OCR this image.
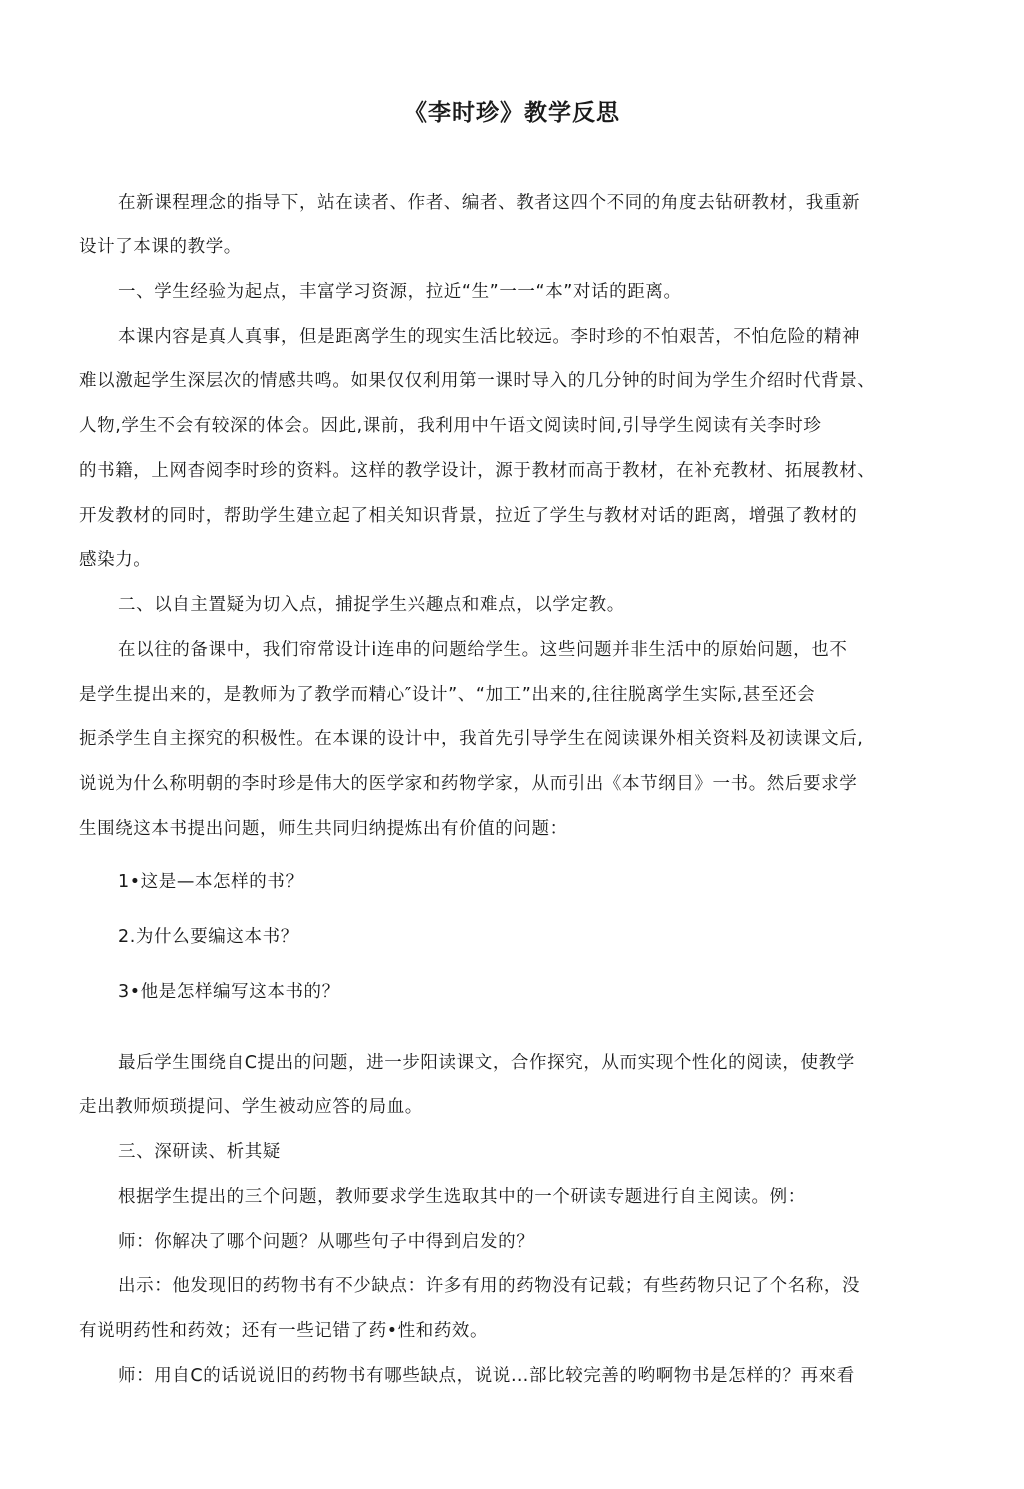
《李时珍》教学反思
在新课程理念的指导下，站在读者、作者、编者、教者这四个不同的角度去钻研教材，我重新
设计了本课的教学。
一、学生经验为起点，丰富学习资源，拉近“生”一一“本”对话的距离。
本课内容是真人真事，但是距离学生的现实生活比较远。李时珍的不怕艰苦，不怕危险的精神
难以激起学生深层次的情感共鸣。如果仅仅利用第一课时导入的几分钟的时间为学生介绍时代背景、
人物,学生不会有较深的体会。因此,课前，我利用中午语文阅读时间,引导学生阅读有关李时珍
的书籍，上网杳阅李时珍的资料。这样的教学设计，源于教材而高于教材，在补充教材、拓展教材、
开发教材的同时，帮助学生建立起了相关知识背景，拉近了学生与教材对话的距离，增强了教材的
感染力。
二、以自主置疑为切入点，捕捉学生兴趣点和难点，以学定教。
在以往的备课中，我们帘常设计i连串的问题给学生。这些问题并非生活中的原始问题，也不
是学生提出来的，是教师为了教学而精心″设计”、“加工”出来的,往往脱离学生实际,甚至还会
扼杀学生自主探究的积极性。在本课的设计中，我首先引导学生在阅读课外相关资料及初读课文后,
说说为什么称明朝的李时珍是伟大的医学家和药物学家，从而引出《本节纲目》一书。然后要求学
生围绕这本书提出问题，师生共同归纳提炼出有价值的问题：
1•这是—本怎样的书？
2.为什么要编这本书？
3•他是怎样编写这本书的？
最后学生围绕自C提出的问题，进一步阳读课文，合作探究，从而实现个性化的阅读，使教学
走出教师烦琐提问、学生被动应答的局血。
三、深研读、析其疑
根据学生提出的三个问题，教师要求学生选取其中的一个研读专题进行自主阅读。例：
师：你解决了哪个问题？从哪些句子中得到启发的？
出示：他发现旧的药物书有不少缺点：许多有用的药物没有记载；有些药物只记了个名称，没
有说明药性和药效；还有一些记错了药•性和药效。
师：用自C的话说说旧的药物书有哪些缺点，说说…部比较完善的哟啊物书是怎样的？再來看
